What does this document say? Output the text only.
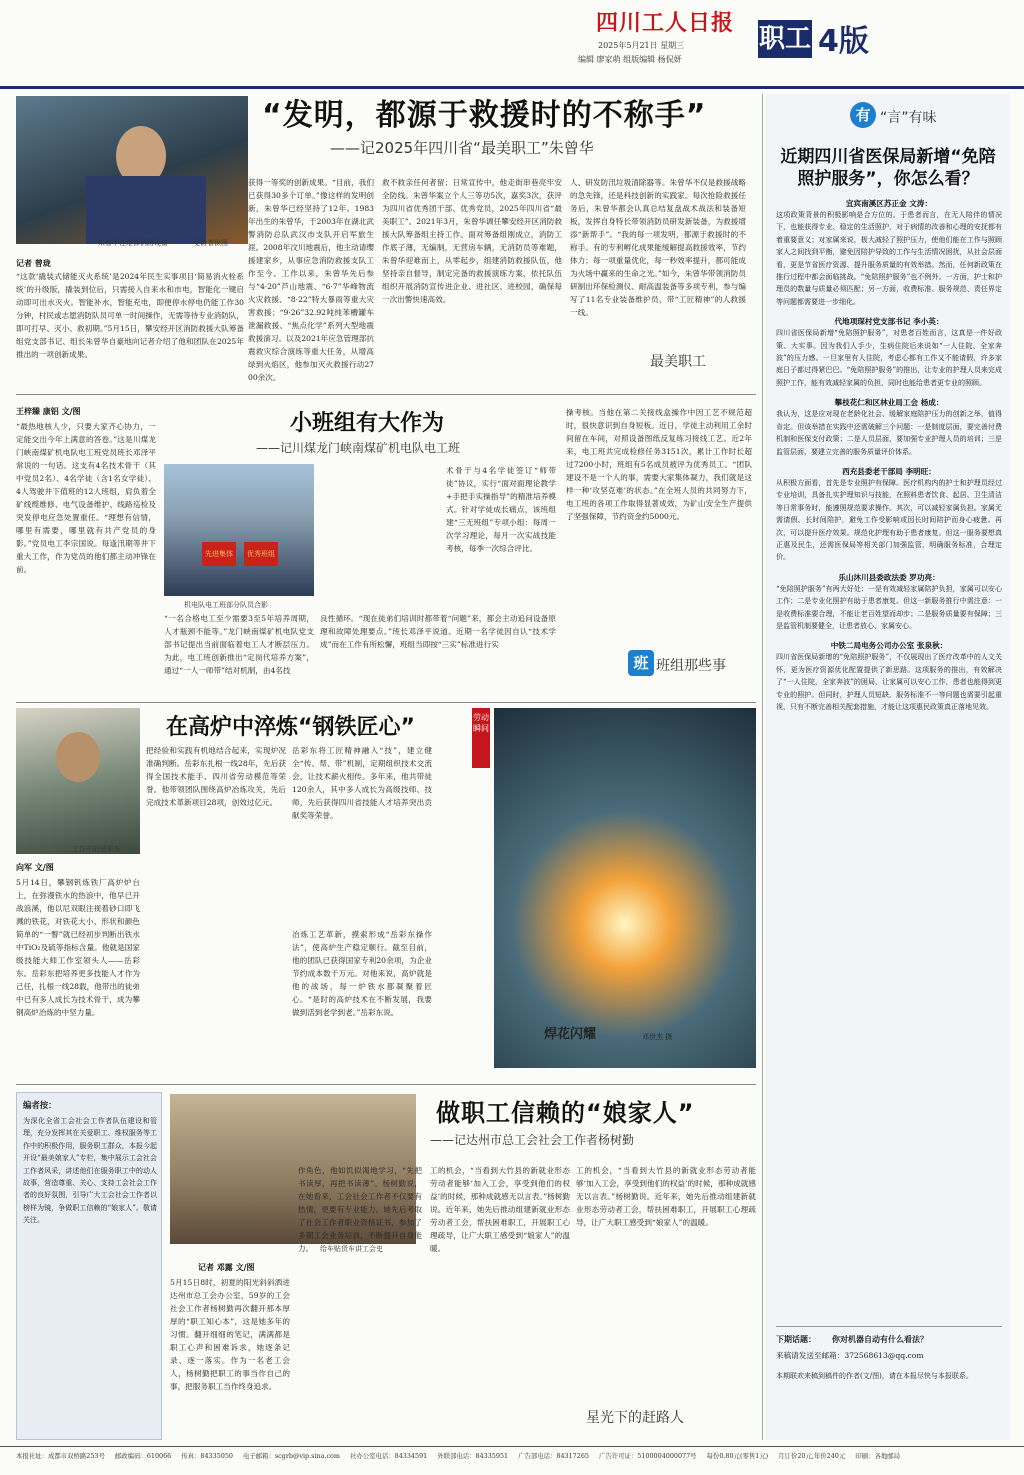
四川工人日报
2025年5月21日 星期三
编辑 廖家萌 组版编辑 杨侃妍
职工 4版
朱曾华在维修消防设备	受访者供图
“发明，都源于救援时的不称手”
——记2025年四川省“最美职工”朱曾华
记者 曾珑
“这款‘撬装式储能灭火系统’是2024年民生实事项目‘简易消火栓系统’的升级版，撬装到位后，只需接入自来水和市电，智能化一键启动即可出水灭火。智能补水，智能充电，即便停水停电仍能工作30分钟，村民或志愿消防队员可单一时间操作，无需等待专业消防队，即可打早、灭小、救初期。”5月15日，攀安经开区消防救援大队筹备组党支部书记、组长朱曾华自豪地向记者介绍了他和团队在2025年推出的一项创新成果。
获得一等奖的创新成果。“目前，我们已获得30多个订单。”像这样的发明创新，朱曾华已经坚持了12年。1983年出生的朱曾华，于2003年在湖北武警消防总队武汉市支队开启军旅生涯。2008年汶川地震后，他主动请缨援建家乡，从事应急消防救援支队工作至今。工作以来，朱曾华先后参与“4·20”芦山地震、“6·7”华峰物流火灾救援、“8·22”特大暴雨等重大灾害救援；“9·26”32.92吨纯苯槽罐车泄漏救援、“焦点化学”系列大型地震救援演习。以及2021年应急管理部抗震救灾综合演练等重大任务，从增高绿到火焰区，他参加灭火救援行动2700余次。
救不救亲任何者留；日常宣传中，他走街串巷亮牢安全防线。朱曾华案立个人三等功5次，嘉奖3次，获评为四川省优秀团干部、优秀党员，2025年四川省“最美职工”。2021年3月，朱曾华调任攀安经开区消防救援大队筹备组主持工作。面对筹备组刚成立，消防工作底子薄，无编制，无营房车辆，无消防员等难题，朱曾华迎难而上，从零起步，组建消防救援队伍，他坚持亲自督导，制定完备的救援演练方案，依托队伍组织开展消防宣传进企业、进社区、进校园，确保每一次出警快速高效。
人、研发防汛垃圾清除器等。朱曾华不仅是救援战略的急先锋，还是科技创新的实践家。每次抢险救援任务后，朱曾华都会认真总结复盘战术战法和装备短板，发挥自身特长带领消防员研发新装备，为救援增添“新帮手”。“我的每一项发明，都源于救援时的不称手。有的专利孵化成果能缓解提高救援效率，节约体力；每一项重量优化，每一秒效率提升，都可能成为火场中赢来的生命之光。”如今，朱曾华带领消防员研制出环保检测仪、耐高温装备等多项专利，参与编写了11名专业装备维护员，带“工匠精神”的人救援一线。
最美职工
有 “言”有味
近期四川省医保局新增“免陪照护服务”，你怎么看？
宜宾南溪区苏正金 文涛：
这项政策背景的积极影响是合方位的。于患者而言，在无人陪伴的情况下，也能获得专业、稳定的生活照护，对于病情的改善和心理的安抚都有着重要意义；对家属来说，极大减轻了照护压力，使他们能在工作与照顾家人之间找到平衡，避免因陪护导致的工作与生活情况困扰，从社会层面看，更是节省医疗资源、提升服务质量的有效举措。然而，任何新政策在推行过程中都会面临挑战。“免陪照护服务”也不例外。一方面，护士和护理员的数量与质量必须匹配；另一方面，收费标准、服务规范、责任界定等问题都需要进一步细化。
代地项琛村党支部书记 李小英：
四川省医保局新增“免陪照护服务”，对患者百姓而言，这真是一件好政策、大实事。因为我们人手少，生病住院后来说如“一人住院、全家奔波”的压力感。一旦家里有人住院，考虑心都有工作又不能请假，许多家庭日子都过得紧巴巴。“免陪照护服务”的推出，让专业的护理人员来完成照护工作，能有效减轻家属的负担，同时也能给患者更专业的照顾。
攀枝花仁和区林业局工会 杨成：
我认为，这是应对现在老龄化社会、缓解家庭陪护压力的创新之举，值得肯定。但该举措在实践中还需破解三个问题：一是制度层面，要完善付费机制和医保支付政策；二是人员层面，要加强专业护理人员的培训；三是监管层面，要建立完善的服务质量评价体系。
西充县委老干部局 李明旺：
从积极方面看，首先是专业照护有保障。医疗机构内的护士和护理员经过专业培训，具备扎实护理知识与技能，在照料患者饮食、起居、卫生清洁等日常事务时，能遵照规范要求操作。其次，可以减轻家属负担。家属无需请假、长时间陪护，避免工作受影响或因长时间陪护而身心疲惫。再次，可以提升医疗效果。规范化护理有助于患者康复。但这一服务要想真正惠及民生，还需医保局等相关部门加强监管，明确服务标准，合理定价。
乐山沐川县委政法委 罗功亮：
“免陪照护服务”有两大好处：一是有效减轻家属陪护负担，家属可以安心工作；二是专业化照护有助于患者康复。但这一新服务推行中需注意：一是收费标准要合理，不能让老百姓望而却步；二是服务质量要有保障；三是监管机制要健全，让患者放心、家属安心。
中铁二局电务公司办公室 张泉秋：
四川省医保局新增的“免陪照护服务”，不仅展现出了医疗改革中的人文关怀，更为医疗资源优化配置提供了新思路。这项服务的推出，有效解决了“一人住院，全家奔波”的困局，让家属可以安心工作，患者也能得到更专业的照护。但同时，护理人员短缺、服务标准不一等问题也需要引起重视，只有不断完善相关配套措施，才能让这项惠民政策真正落地见效。
下期话题： 你对机器自动有什么看法？
来稿请发送至邮箱：372568613@qq.com
本期联欢来稿到稿件的作者(文/图)，请在本报尽快与本报联系。
王梓臻 康铝 文/图
“最热地核人少，只要大家齐心协力，一定能交出今年上满意的答卷。”这是川煤龙门峡南煤矿机电队电工班党员班长邓泽平常说的一句话。这支有4名技术骨干（其中党员2名）、4名学徒（含1名女学徒）、4人驾驶井下值班的12人班组，肩负着全矿线缆维修、电气设备维护、线路巡检及突发停电应急处置重任。“理想有信情，哪里有需要，哪里就有共产党员的身影。”党员电工李宗国说。每逢汛期等井下重大工作，作为党员的他们都主动冲锋在前。
小班组有大作为
——记川煤龙门峡南煤矿机电队电工班
先进集体	优秀班组
机电队电工班部分队员合影
术骨干与4名学徒签订“师带徒”协议，实行“面对面理论教学+手把手实操指导”的精准培养模式。针对学徒成长痛点，该班组建“三无班组”专项小组：每周一次学习理论，每月一次实战技能考核，每季一次综合评比。
“一名合格电工至少需要3至5年培养周期，人才瓶颈不能等。”龙门峡南煤矿机电队党支部书记提出当前面临着电工人才断层压力。为此，电工班创新推出“定岗代培养方案”，通过“一人一师带”结对机制，由4名技
良性循环。“现在徒弟们培训时都带着“问题”来，都会主动追问设备原理和故障处理要点。”班长邓泽平说道。近期一名学徒因自认“技术学成”而在工作有所松懈，班组当即按“三实”标准进行实
操考核。当他在第二关接线盒操作中因工艺不规范超时，很快意识到自身短板。近日，学徒主动利用工余时间留在车间，对照设备图纸反复练习接线工艺。近2年来，电工班共完成检修任务3151次，累计工作时长超过7200小时，班组有5名成员被评为优秀员工。“团队建设不是一个人的事，需要大家集体凝力，我们就是这样一种‘攻坚克难’的状态。”在全班人员的共同努力下，电工班的各项工作取得显著成效，为矿山安全生产提供了坚强保障，节约资金约5000元。
班 班组那些事
工作中的岳彩东
在高炉中淬炼“钢铁匠心”
向军 文/图
5月14日，攀钢钒炼铁厂高炉炉台上，在弥漫铁水的热浪中，他早已开战浪溪，他以尼双眼注视着砂口即飞溅的铁花，对铁花大小、形状和颜色简单的“一瞥”就已经初步判断出铁水中TiO₂及硫等指标含量。他就是国家级技能大师工作室领头人——岳彩东。岳彩东把培养更多技能人才作为己任，扎根一线28载，他带出的徒弟中已有多人成长为技术骨干，成为攀钢高炉冶炼的中坚力量。
把经验和实践有机地结合起来，实现炉况准确判断。岳彩东扎根一线28年，先后获得全国技术能手、四川省劳动模范等荣誉。他带领团队围绕高炉冶炼攻关，先后完成技术革新项目28项，创效过亿元。
岳彩东将工匠精神融入“技”，建立健全“传、帮、带”机制，定期组织技术交流会，让技术薪火相传。多年来，他共带徒120余人，其中多人成长为高级技师、技师，先后获得四川省技能人才培养突出贡献奖等荣誉。
冶炼工艺革新，摸索形成“岳彩东操作法”，使高炉生产稳定顺行。截至目前，他的团队已获得国家专利20余项，为企业节约成本数千万元。对他来说，高炉就是他的战场，每一炉铁水都凝聚着匠心。“是时的高炉技术在不断发展，我要做到活到老学到老。”岳彩东说。
劳动瞬间
焊花闪耀	邓世杰 摄
编者按：
为深化全省工会社会工作者队伍建设和管理，充分发挥其在关爱职工、维权服务等工作中的积极作用，服务职工群众，本报今起开设“最美娘家人”专栏，集中展示工会社会工作者风采，讲述他们在服务职工中的动人故事，营造尊重、关心、支持工会社会工作者的良好氛围，引导广大工会社会工作者以榜样为镜，争做职工信赖的“娘家人”。敬请关注。
做职工信赖的“娘家人”
——记达州市总工会社会工作者杨树勤
给车贴货车讲工会史
记者 邓露 文/图
5月15日8时，初夏的阳光斜斜洒进达州市总工会办公室，59岁的工会社会工作者杨树勤再次翻开那本厚厚的“职工知心本”，这是她多年的习惯。翻开细细的笔记，满满都是职工心声和困难诉求，她逐条记录、逐一落实。作为一名老工会人，杨树勤把职工的事当作自己的事，把服务职工当作终身追求。
作角色，他如饥似渴地学习，“先把书读厚，再把书读薄”。杨树勤说，在她看来，工会社会工作者不仅要有热情，更要有专业能力。她先后考取了社会工作者职业资格证书，参加了多期工会业务培训，不断提升自身能力。
工的机会，“当看到大竹县的新就业形态劳动者能够‘加入工会，享受到他们的权益’的时候，那种成就感无以言表。”杨树勤说。近年来，她先后推动组建新就业形态劳动者工会，帮扶困难职工，开展职工心理疏导，让广大职工感受到“娘家人”的温暖。
工的机会，“当看到大竹县的新就业形态劳动者能够‘加入工会，享受到他们的权益’的时候，那种成就感无以言表。”杨树勤说。近年来，她先后推动组建新就业形态劳动者工会，帮扶困难职工，开展职工心理疏导，让广大职工感受到“娘家人”的温暖。
星光下的赶路人
本报社址：成都市双桥路253号 邮政编码：610066 传真：84335050 电子邮箱：scgrb@vip.sina.com 社办公室电话：84334591 外联部电话：84335951 广告部电话：84317265 广告许可证：5100004000077号 每份0.80元(零售1元) 月订价20元,年价240元 印刷：各地邮局
